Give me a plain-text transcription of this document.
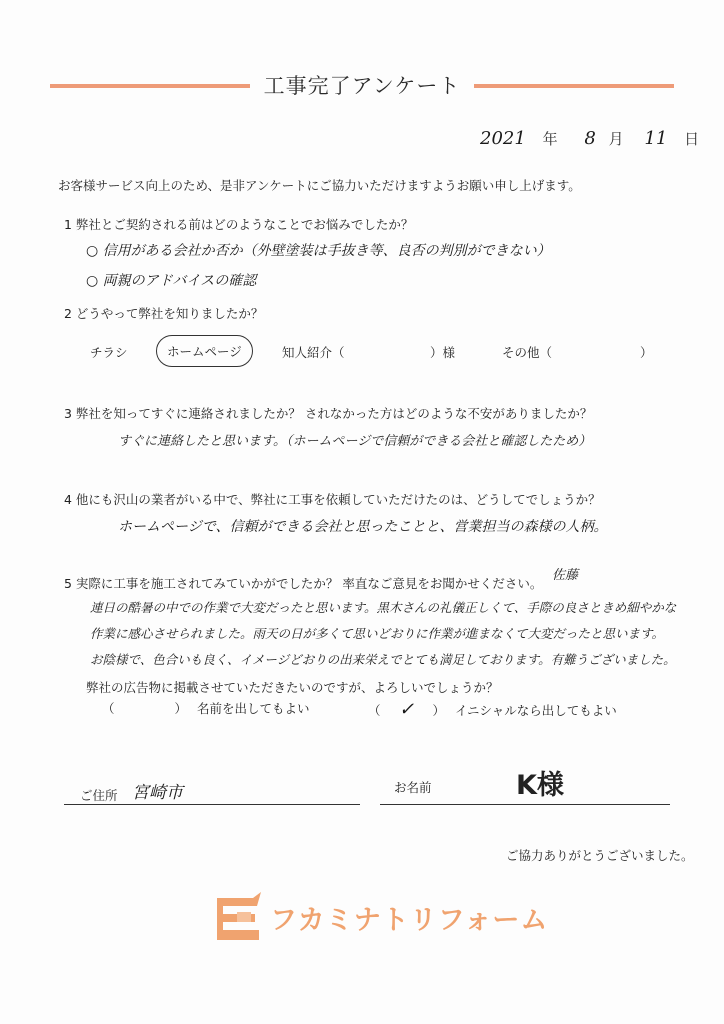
工事完了アンケート
2021 年 8 月 11 日
お客様サービス向上のため、是非アンケートにご協力いただけますようお願い申し上げます。
1 弊社とご契約される前はどのようなことでお悩みでしたか？
○ 信用がある会社か否か（外壁塗装は手抜き等、良否の判別ができない）
○ 両親のアドバイスの確認
2 どうやって弊社を知りましたか？
チラシ	ホームページ	知人紹介（	）様	その他（	）
3 弊社を知ってすぐに連絡されましたか？ されなかった方はどのような不安がありましたか？
すぐに連絡したと思います。（ホームページで信頼ができる会社と確認したため）
4 他にも沢山の業者がいる中で、弊社に工事を依頼していただけたのは、どうしてでしょうか？
ホームページで、信頼ができる会社と思ったことと、営業担当の森様の人柄。
5 実際に工事を施工されてみていかがでしたか？ 率直なご意見をお聞かせください。
佐藤
連日の酷暑の中での作業で大変だったと思います。黒木さんの礼儀正しくて、手際の良さときめ細やかな
作業に感心させられました。雨天の日が多くて思いどおりに作業が進まなくて大変だったと思います。
お陰様で、色合いも良く、イメージどおりの出来栄えでとても満足しております。有難うございました。
弊社の広告物に掲載させていただきたいのですが、よろしいでしょうか？
（	） 名前を出してもよい	（ ✓ ） イニシャルなら出してもよい
ご住所 宮崎市	お名前	K様
ご協力ありがとうございました。
フカミナトリフォーム
